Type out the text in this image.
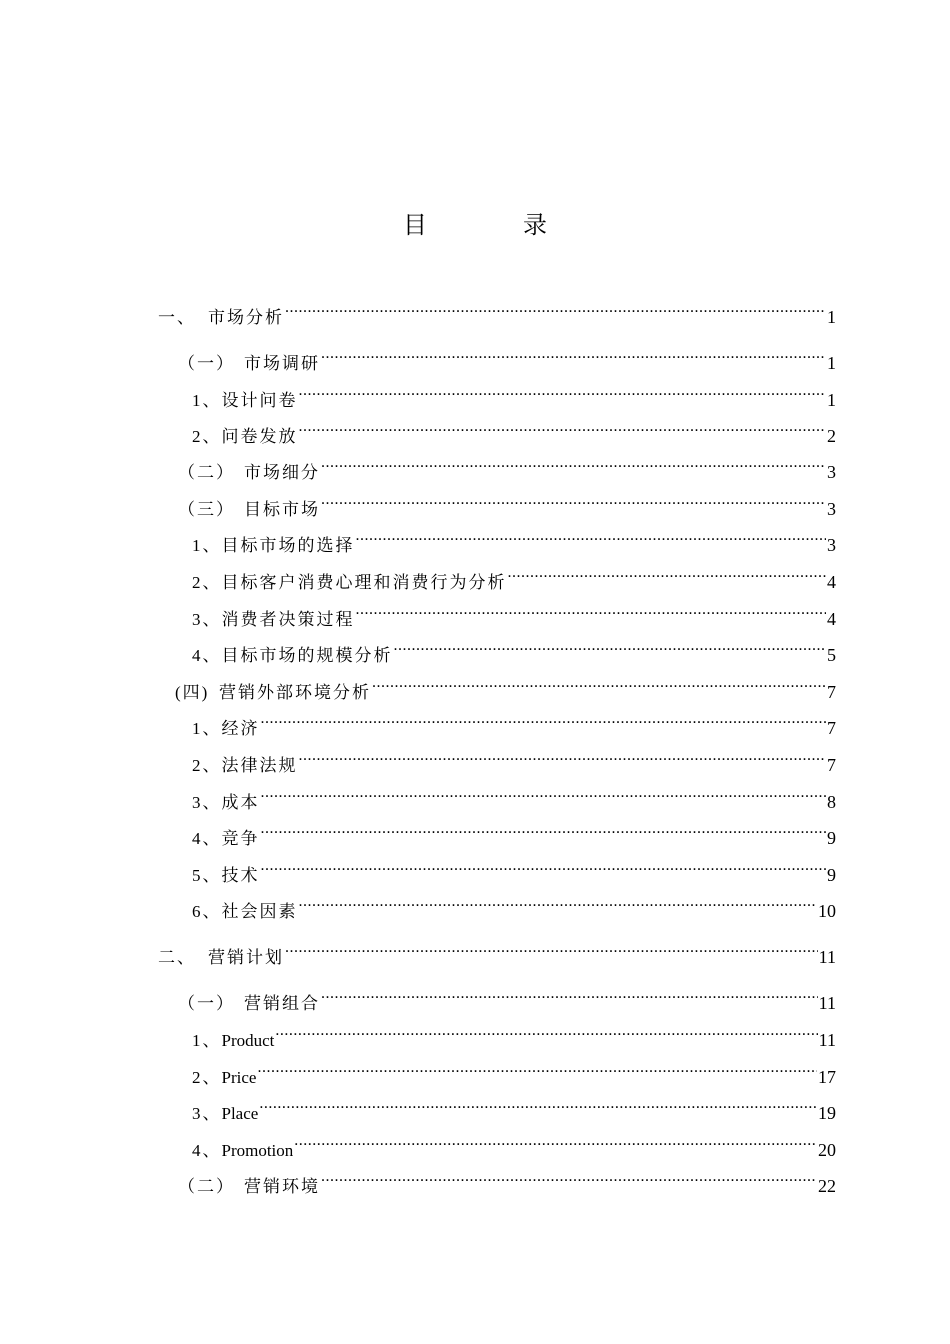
目　录
一、 市场分析 .....	1
（一） 市场调研 .....	1
1、设计问卷 .....	1
2、问卷发放 .....	2
（二） 市场细分 .....	3
（三） 目标市场 .....	3
1、目标市场的选择 .....	3
2、目标客户消费心理和消费行为分析 .....	4
3、消费者决策过程 .....	4
4、目标市场的规模分析 .....	5
(四) 营销外部环境分析 .....	7
1、经济 .....	7
2、法律法规 .....	7
3、成本 .....	8
4、竞争 .....	9
5、技术 .....	9
6、社会因素 .....	10
二、 营销计划 .....	11
（一） 营销组合 .....	11
1、Product .....	11
2、Price .....	17
3、Place .....	19
4、Promotion .....	20
（二） 营销环境 .....	22
